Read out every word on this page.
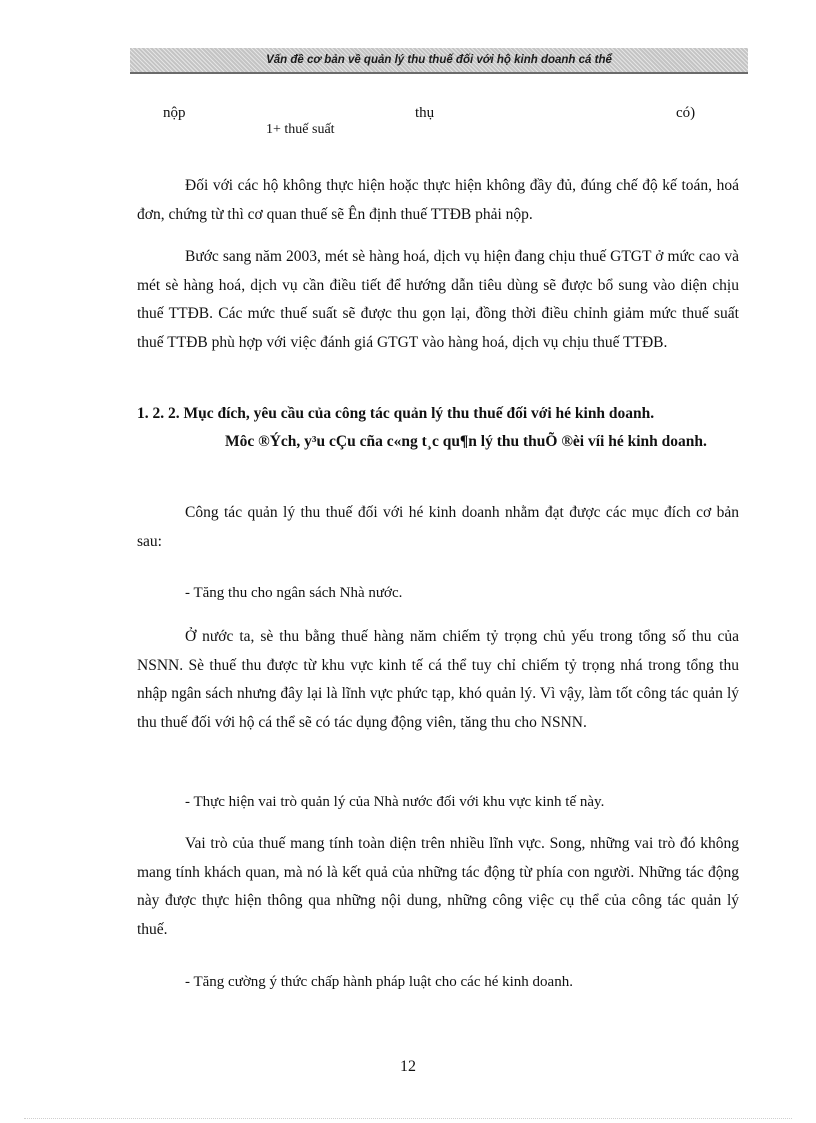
Vấn đề cơ bản về quản lý thu thuế đối với hộ kinh doanh cá thể
nộp	thụ	có)
1+ thuế suất

Đối với các hộ không thực hiện hoặc thực hiện không đầy đủ, đúng chế độ kế toán, hoá đơn, chứng từ thì cơ quan thuế sẽ Ên định thuế TTĐB phải nộp.

Bước sang năm 2003, mét sè hàng hoá, dịch vụ hiện đang chịu thuế GTGT ở mức cao và mét sè hàng hoá, dịch vụ cần điều tiết để hướng dẫn tiêu dùng sẽ được bổ sung vào diện chịu thuế TTĐB. Các mức thuế suất sẽ được thu gọn lại, đồng thời điều chỉnh giảm mức thuế suất thuế TTĐB phù hợp với việc đánh giá GTGT vào hàng hoá, dịch vụ chịu thuế TTĐB.

1. 2. 2. Mục đích, yêu cầu của công tác quản lý thu thuế đối với hé kinh doanh.

Môc ®Ých, y³u cÇu cña c«ng t¸c qu¶n lý thu thuÕ ®èi víi hé kinh doanh.

Công tác quản lý thu thuế đối với hé kinh doanh nhằm đạt được các mục đích cơ bản sau:

- Tăng thu cho ngân sách Nhà nước.

Ở nước ta, sè thu bằng thuế hàng năm chiếm tỷ trọng chủ yếu trong tổng số thu của NSNN. Sè thuế thu được từ khu vực kinh tế cá thể tuy chỉ chiếm tỷ trọng nhá trong tổng thu nhập ngân sách nhưng đây lại là lĩnh vực phức tạp, khó quản lý. Vì vậy, làm tốt công tác quản lý thu thuế đối với hộ cá thể sẽ có tác dụng động viên, tăng thu cho NSNN.

- Thực hiện vai trò quản lý của Nhà nước đối với khu vực kinh tế này.

Vai trò của thuế mang tính toàn diện trên nhiều lĩnh vực. Song, những vai trò đó không mang tính khách quan, mà nó là kết quả của những tác động từ phía con người. Những tác động này được thực hiện thông qua những nội dung, những công việc cụ thể của công tác quản lý thuế.

- Tăng cường ý thức chấp hành pháp luật cho các hé kinh doanh.

12
